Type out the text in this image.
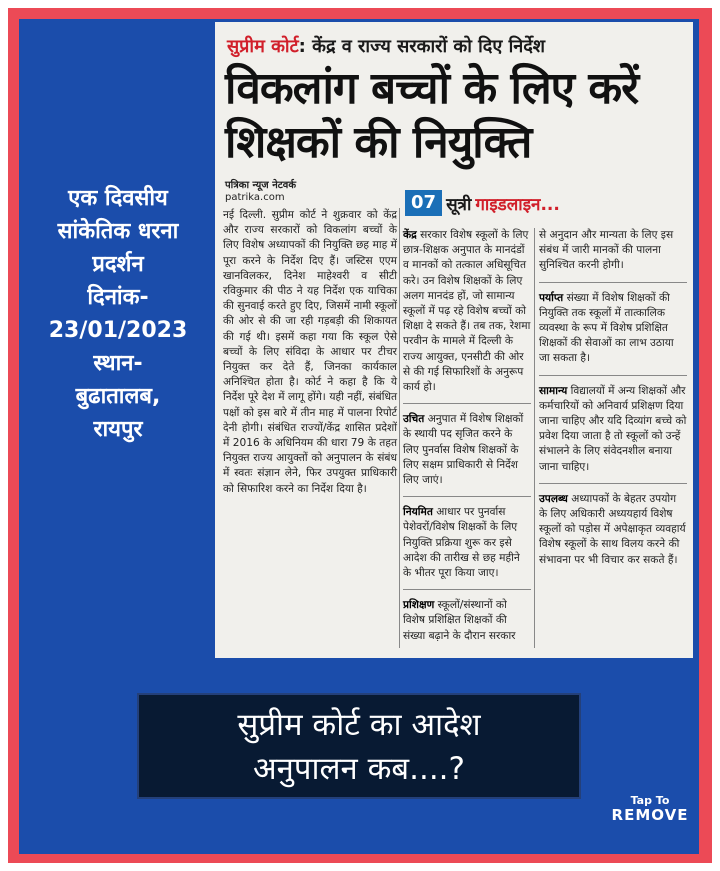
एक दिवसीय
सांकेतिक धरना
प्रदर्शन
दिनांक-
23/01/2023
स्थान-
बुढातालब,
रायपुर
सुप्रीम कोर्ट: केंद्र व राज्य सरकारों को दिए निर्देश
विकलांग बच्चों के लिए करें
शिक्षकों की नियुक्ति
पत्रिका न्यूज नेटवर्क
patrika.com	07 सूत्री गाइडलाइन...
नई दिल्ली. सुप्रीम कोर्ट ने शुक्रवार को केंद्र और राज्य सरकारों को विकलांग बच्चों के लिए विशेष अध्यापकों की नियुक्ति छह माह में पूरा करने के निर्देश दिए हैं। जस्टिस एएम खानविलकर, दिनेश माहेश्वरी व सीटी रविकुमार की पीठ ने यह निर्देश एक याचिका की सुनवाई करते हुए दिए, जिसमें नामी स्कूलों की ओर से की जा रही गड़बड़ी की शिकायत की गई थी। इसमें कहा गया कि स्कूल ऐसे बच्चों के लिए संविदा के आधार पर टीचर नियुक्त कर देते हैं, जिनका कार्यकाल अनिश्चित होता है। कोर्ट ने कहा है कि ये निर्देश पूरे देश में लागू होंगे। यही नहीं, संबंधित पक्षों को इस बारे में तीन माह में पालना रिपोर्ट देनी होगी। संबंधित राज्यों/केंद्र शासित प्रदेशों में 2016 के अधिनियम की धारा 79 के तहत नियुक्त राज्य आयुक्तों को अनुपालन के संबंध में स्वतः संज्ञान लेने, फिर उपयुक्त प्राधिकारी को सिफारिश करने का निर्देश दिया है।
केंद्र सरकार विशेष स्कूलों के लिए छात्र-शिक्षक अनुपात के मानदंडों व मानकों को तत्काल अधिसूचित करे। उन विशेष शिक्षकों के लिए अलग मानदंड हों, जो सामान्य स्कूलों में पढ़ रहे विशेष बच्चों को शिक्षा दे सकते हैं। तब तक, रेशमा परवीन के मामले में दिल्ली के राज्य आयुक्त, एनसीटी की ओर से की गई सिफारिशों के अनुरूप कार्य हो।
उचित अनुपात में विशेष शिक्षकों के स्थायी पद सृजित करने के लिए पुनर्वास विशेष शिक्षकों के लिए सक्षम प्राधिकारी से निर्देश लिए जाएं।
नियमित आधार पर पुनर्वास पेशेवरों/विशेष शिक्षकों के लिए नियुक्ति प्रक्रिया शुरू कर इसे आदेश की तारीख से छह महीने के भीतर पूरा किया जाए।
प्रशिक्षण स्कूलों/संस्थानों को विशेष प्रशिक्षित शिक्षकों की संख्या बढ़ाने के दौरान सरकार
से अनुदान और मान्यता के लिए इस संबंध में जारी मानकों की पालना सुनिश्चित करनी होगी।
पर्याप्त संख्या में विशेष शिक्षकों की नियुक्ति तक स्कूलों में तात्कालिक व्यवस्था के रूप में विशेष प्रशिक्षित शिक्षकों की सेवाओं का लाभ उठाया जा सकता है।
सामान्य विद्यालयों में अन्य शिक्षकों और कर्मचारियों को अनिवार्य प्रशिक्षण दिया जाना चाहिए और यदि दिव्यांग बच्चे को प्रवेश दिया जाता है तो स्कूलों को उन्हें संभालने के लिए संवेदनशील बनाया जाना चाहिए।
उपलब्ध अध्यापकों के बेहतर उपयोग के लिए अधिकारी अध्ययहार्य विशेष स्कूलों को पड़ोस में अपेक्षाकृत व्यवहार्य विशेष स्कूलों के साथ विलय करने की संभावना पर भी विचार कर सकते हैं।
सुप्रीम कोर्ट का आदेश
अनुपालन कब....?
Tap To
REMOVE
